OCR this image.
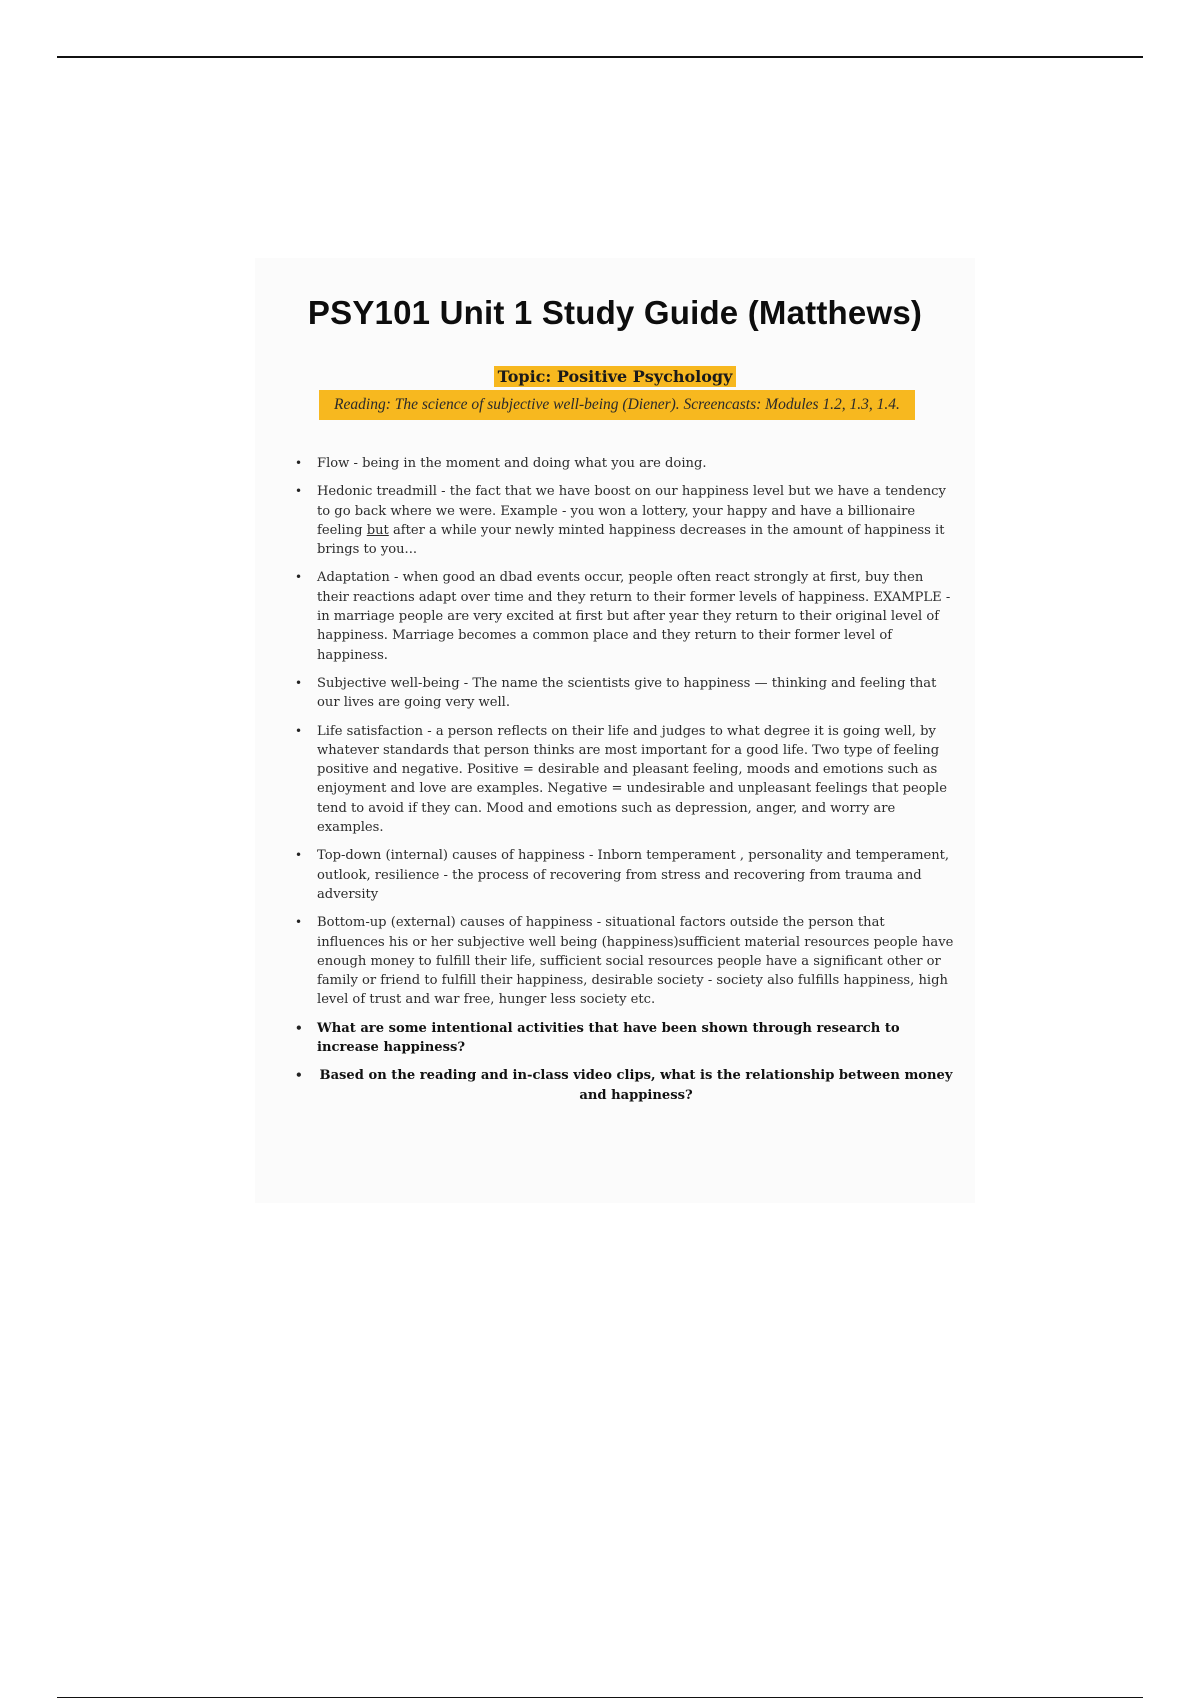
PSY101 Unit 1 Study Guide (Matthews)
Topic: Positive Psychology
Reading: The science of subjective well-being (Diener). Screencasts: Modules 1.2, 1.3, 1.4.
• Flow - being in the moment and doing what you are doing.
• Hedonic treadmill - the fact that we have boost on our happiness level but we have a tendency to go back where we were. Example - you won a lottery, your happy and have a billionaire feeling but after a while your newly minted happiness decreases in the amount of happiness it brings to you...
• Adaptation - when good an dbad events occur, people often react strongly at first, buy then their reactions adapt over time and they return to their former levels of happiness. EXAMPLE - in marriage people are very excited at first but after year they return to their original level of happiness. Marriage becomes a common place and they return to their former level of happiness.
• Subjective well-being - The name the scientists give to happiness — thinking and feeling that our lives are going very well.
• Life satisfaction - a person reflects on their life and judges to what degree it is going well, by whatever standards that person thinks are most important for a good life. Two type of feeling positive and negative. Positive = desirable and pleasant feeling, moods and emotions such as enjoyment and love are examples. Negative = undesirable and unpleasant feelings that people tend to avoid if they can. Mood and emotions such as depression, anger, and worry are examples.
• Top-down (internal) causes of happiness - Inborn temperament , personality and temperament, outlook, resilience - the process of recovering from stress and recovering from trauma and adversity
• Bottom-up (external) causes of happiness - situational factors outside the person that influences his or her subjective well being (happiness)sufficient material resources people have enough money to fulfill their life, sufficient social resources people have a significant other or family or friend to fulfill their happiness, desirable society - society also fulfills happiness, high level of trust and war free, hunger less society etc.
• What are some intentional activities that have been shown through research to increase happiness?
• Based on the reading and in-class video clips, what is the relationship between money and happiness?
